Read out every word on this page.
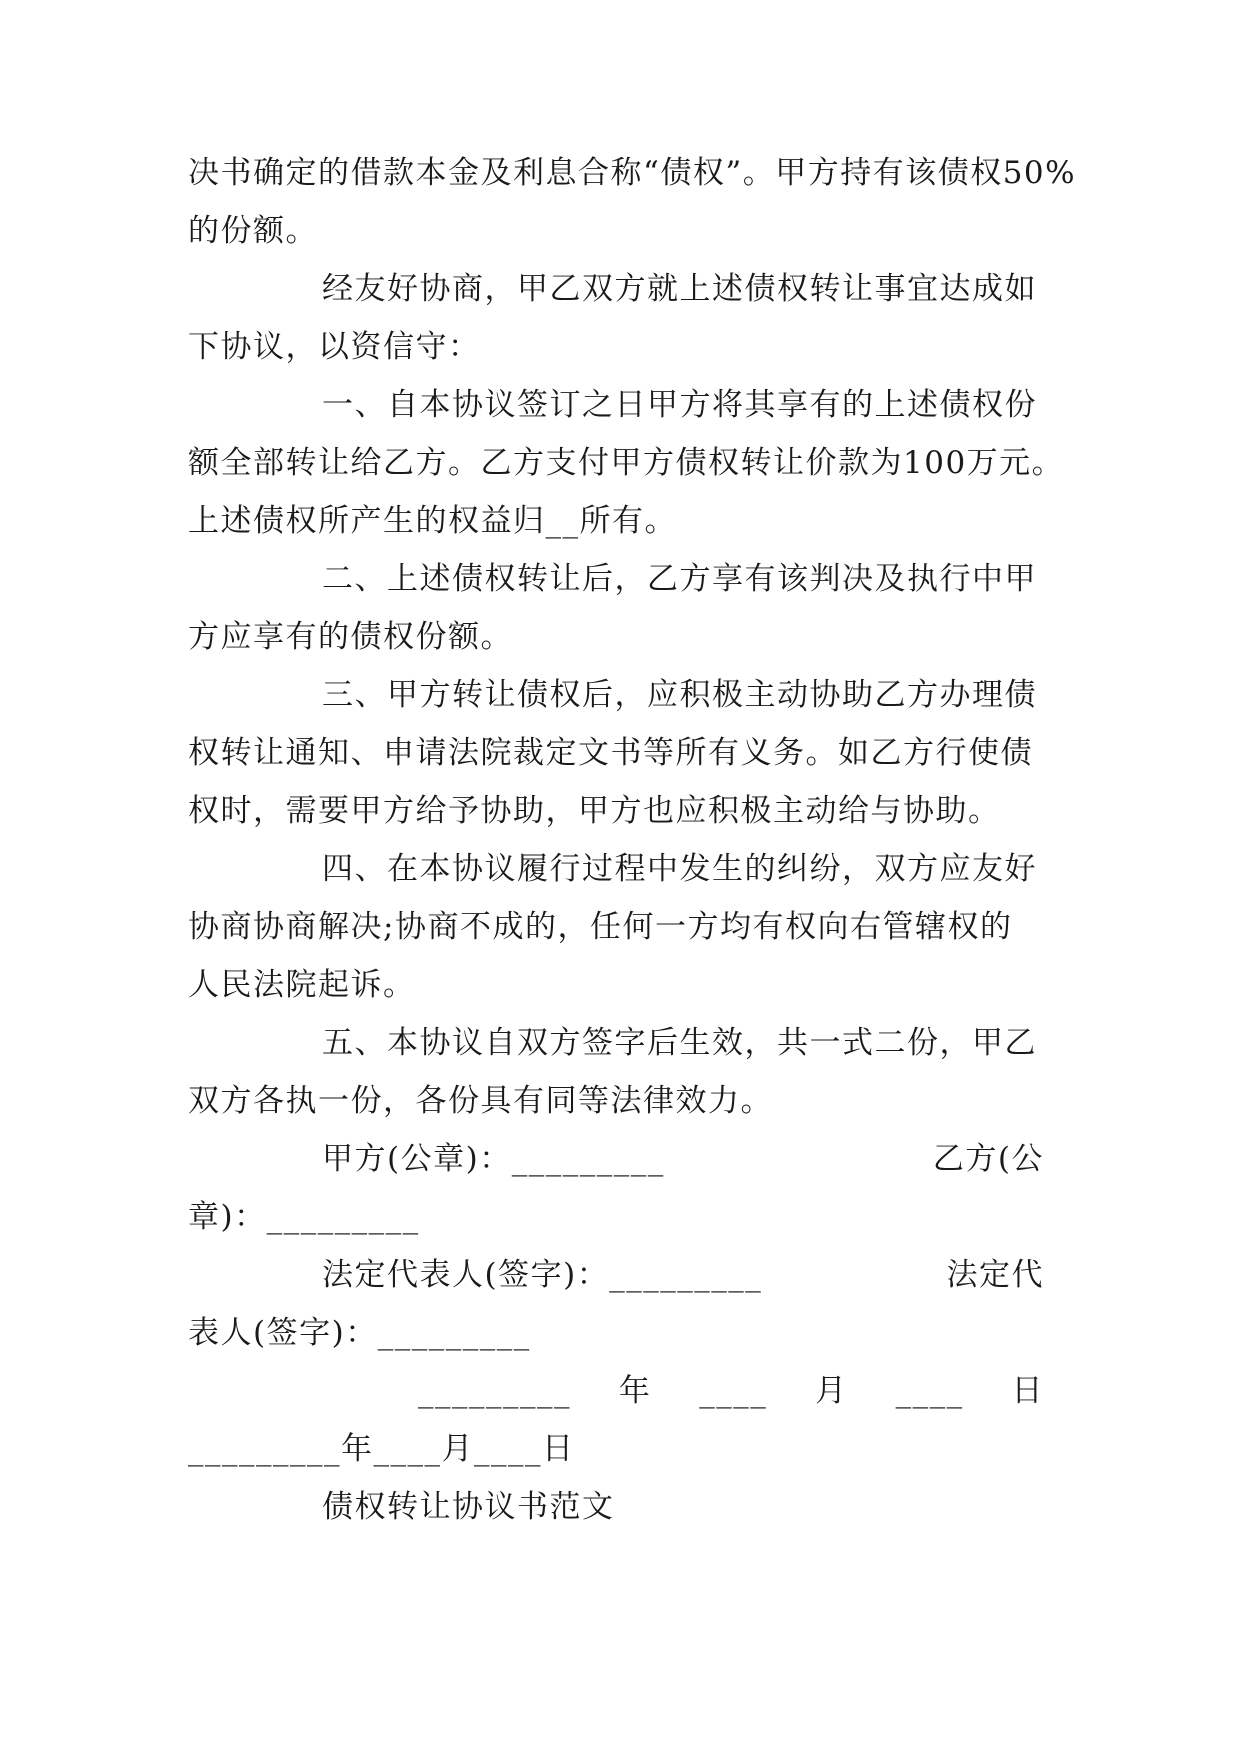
决书确定的借款本金及利息合称“债权”。甲方持有该债权50%
的份额。
经友好协商，甲乙双方就上述债权转让事宜达成如
下协议，以资信守：
一、自本协议签订之日甲方将其享有的上述债权份
额全部转让给乙方。乙方支付甲方债权转让价款为100万元。
上述债权所产生的权益归__所有。
二、上述债权转让后，乙方享有该判决及执行中甲
方应享有的债权份额。
三、甲方转让债权后，应积极主动协助乙方办理债
权转让通知、申请法院裁定文书等所有义务。如乙方行使债
权时，需要甲方给予协助，甲方也应积极主动给与协助。
四、在本协议履行过程中发生的纠纷，双方应友好
协商协商解决;协商不成的，任何一方均有权向右管辖权的
人民法院起诉。
五、本协议自双方签字后生效，共一式二份，甲乙
双方各执一份，各份具有同等法律效力。
甲方(公章)：_________	乙方(公
章)：_________
法定代表人(签字)：_________	法定代
表人(签字)：_________
_________ 年 ____ 月 ____ 日
_________年____月____日
债权转让协议书范文
